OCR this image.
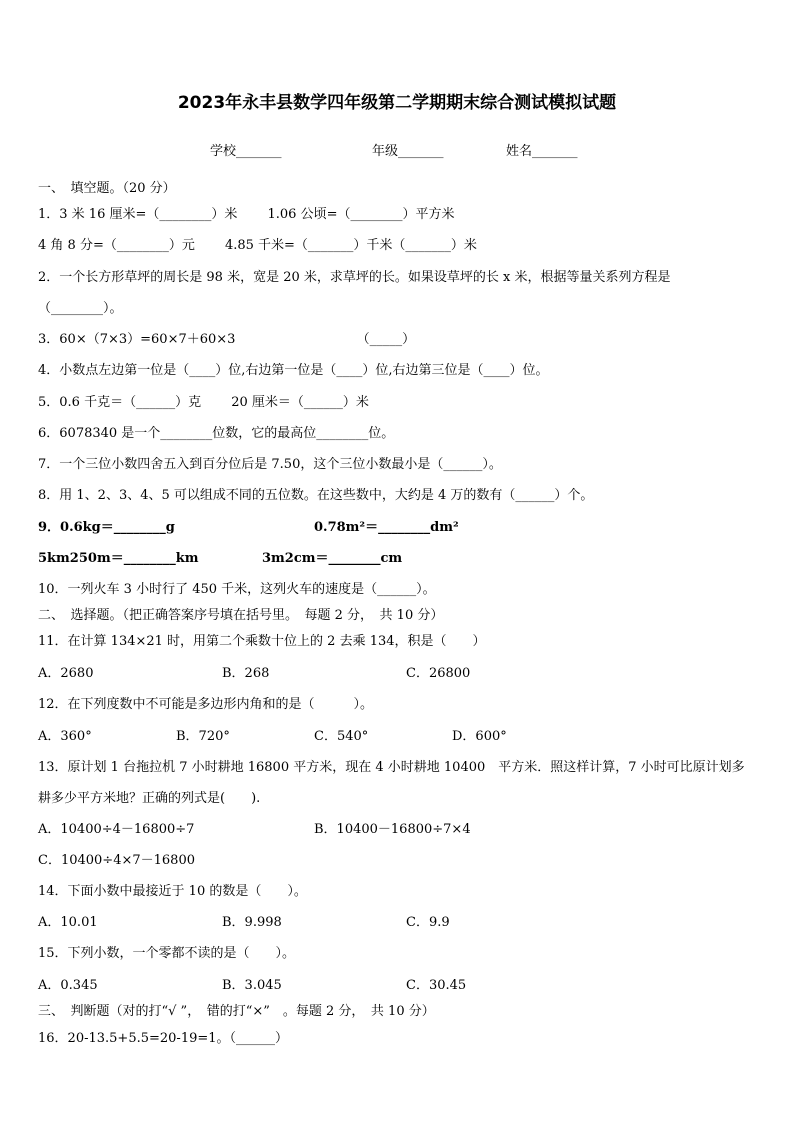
2023年永丰县数学四年级第二学期期末综合测试模拟试题
学校_______	年级_______	姓名_______
一、　填空题。（20 分）
1．3 米 16 厘米=（________）米　　 1.06 公顷=（________）平方米
4 角 8 分=（________）元　　 4.85 千米=（_______）千米（_______）米
2．一个长方形草坪的周长是 98 米，宽是 20 米，求草坪的长。如果设草坪的长 x 米，根据等量关系列方程是
（________）。
3．60×（7×3）=60×7＋60×3　　　　　　　　　 （_____）
4．小数点左边第一位是（____）位,右边第一位是（____）位,右边第三位是（____）位。
5．0.6 千克＝（______）克　　 20 厘米＝（______）米
6．6078340 是一个________位数，它的最高位________位。
7．一个三位小数四舍五入到百分位后是 7.50，这个三位小数最小是（______）。
8．用 1、2、3、4、5 可以组成不同的五位数。在这些数中，大约是 4 万的数有（______）个。
9．0.6kg＝________g	0.78m²＝________dm²
5km250m＝________km	3m2cm＝________cm
10．一列火车 3 小时行了 450 千米，这列火车的速度是（______）。
二、　选择题。（把正确答案序号填在括号里。　每题 2 分，　共 10 分）
11．在计算 134×21 时，用第二个乘数十位上的 2 去乘 134，积是（　　）
A．2680	B．268	C．26800
12．在下列度数中不可能是多边形内角和的是（　　　）。
A．360°	B．720°	C．540°	D．600°
13．原计划 1 台拖拉机 7 小时耕地 16800 平方米，现在 4 小时耕地 10400　平方米．照这样计算，7 小时可比原计划多
耕多少平方米地？正确的列式是(　　).
A．10400÷4－16800÷7	B．10400－16800÷7×4
C．10400÷4×7－16800
14．下面小数中最接近于 10 的数是（　　）。
A．10.01	B．9.998	C．9.9
15．下列小数，一个零都不读的是（　　）。
A．0.345	B．3.045	C．30.45
三、　判断题（对的打“√ ”，　错的打“×”　。每题 2 分，　共 10 分）
16．20-13.5+5.5=20-19=1。（______）
